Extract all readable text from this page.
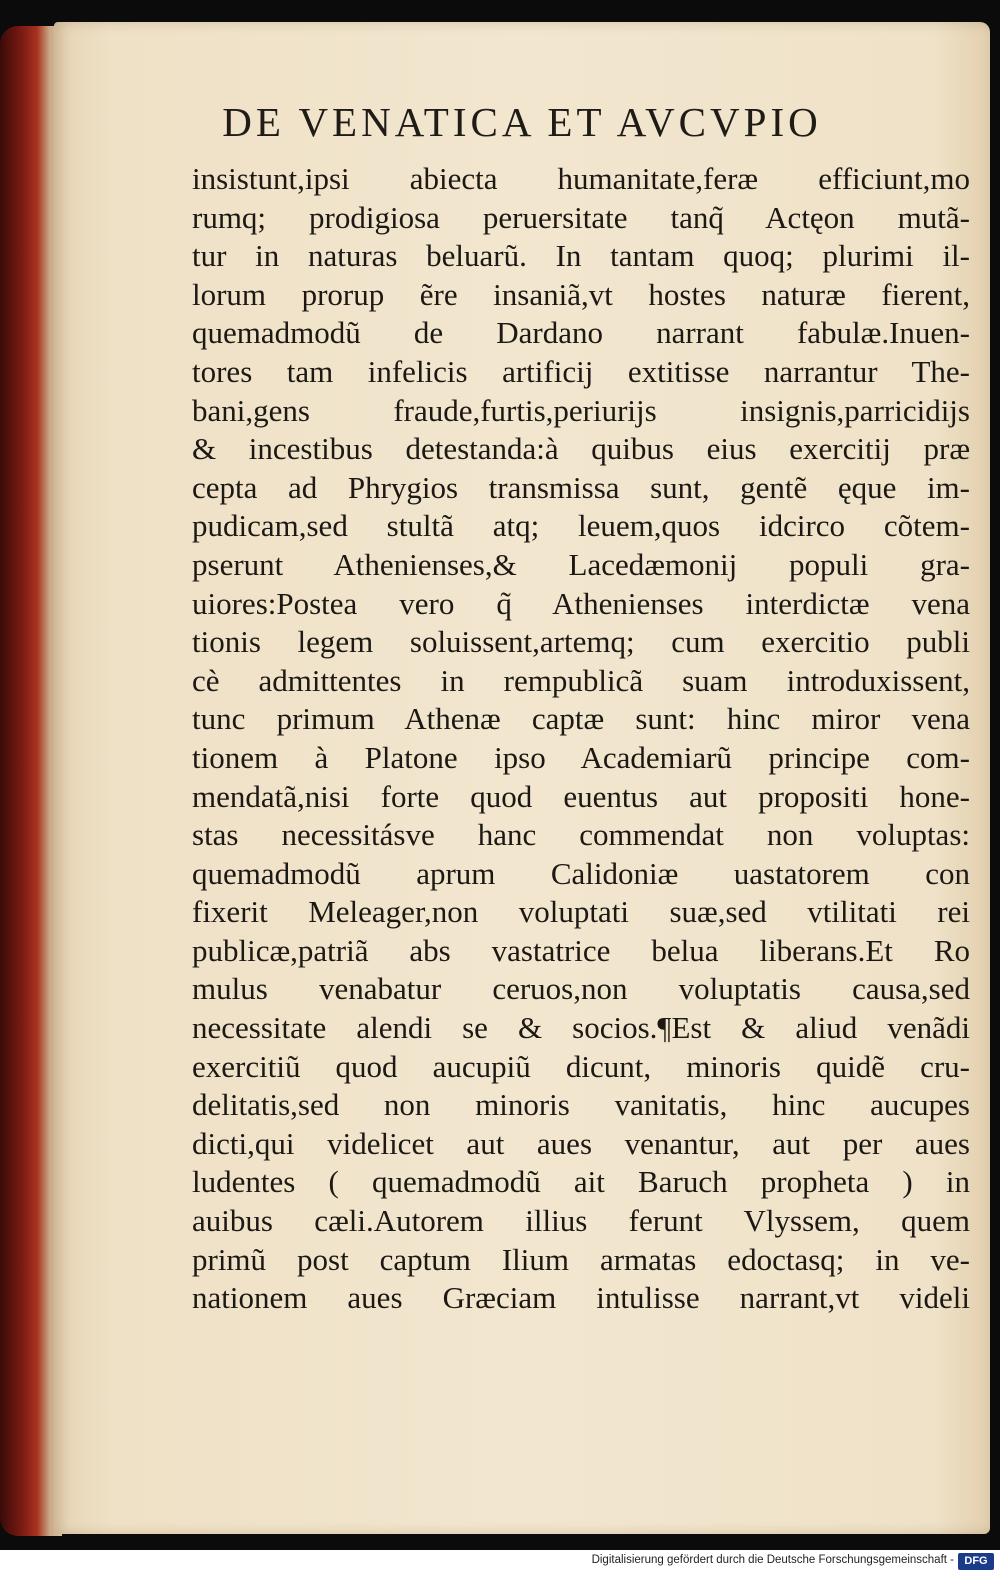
DE VENATICA ET AVCVPIO
insistunt,ipsi abiecta humanitate,feræ efficiunt,mo
rumq; prodigiosa peruersitate tanq̃ Actęon mutã-
tur in naturas beluarũ. In tantam quoq; plurimi il-
lorum prorup ẽre insaniã,vt hostes naturæ fierent,
quemadmodũ de Dardano narrant fabulæ.Inuen-
tores tam infelicis artificij extitisse narrantur The-
bani,gens fraude,furtis,periurijs insignis,parricidijs
& incestibus detestanda:à quibus eius exercitij præ
cepta ad Phrygios transmissa sunt, gentẽ ęque im-
pudicam,sed stultã atq; leuem,quos idcirco cõtem-
pserunt Athenienses,& Lacedæmonij populi gra-
uiores:Postea vero q̃ Athenienses interdictæ vena
tionis legem soluissent,artemq; cum exercitio publi
cè admittentes in rempublicã suam introduxissent,
tunc primum Athenæ captæ sunt: hinc miror vena
tionem à Platone ipso Academiarũ principe com-
mendatã,nisi forte quod euentus aut propositi hone-
stas necessitásve hanc commendat non voluptas:
quemadmodũ aprum Calidoniæ uastatorem con
fixerit Meleager,non voluptati suæ,sed vtilitati rei
publicæ,patriã abs vastatrice belua liberans.Et Ro
mulus venabatur ceruos,non voluptatis causa,sed
necessitate alendi se & socios.¶Est & aliud venãdi
exercitiũ quod aucupiũ dicunt, minoris quidẽ cru-
delitatis,sed non minoris vanitatis, hinc aucupes
dicti,qui videlicet aut aues venantur, aut per aues
ludentes ( quemadmodũ ait Baruch propheta ) in
auibus cæli.Autorem illius ferunt Vlyssem, quem
primũ post captum Ilium armatas edoctasq; in ve-
nationem aues Græciam intulisse narrant,vt videli
Digitalisierung gefördert durch die Deutsche Forschungsgemeinschaft - DFG
